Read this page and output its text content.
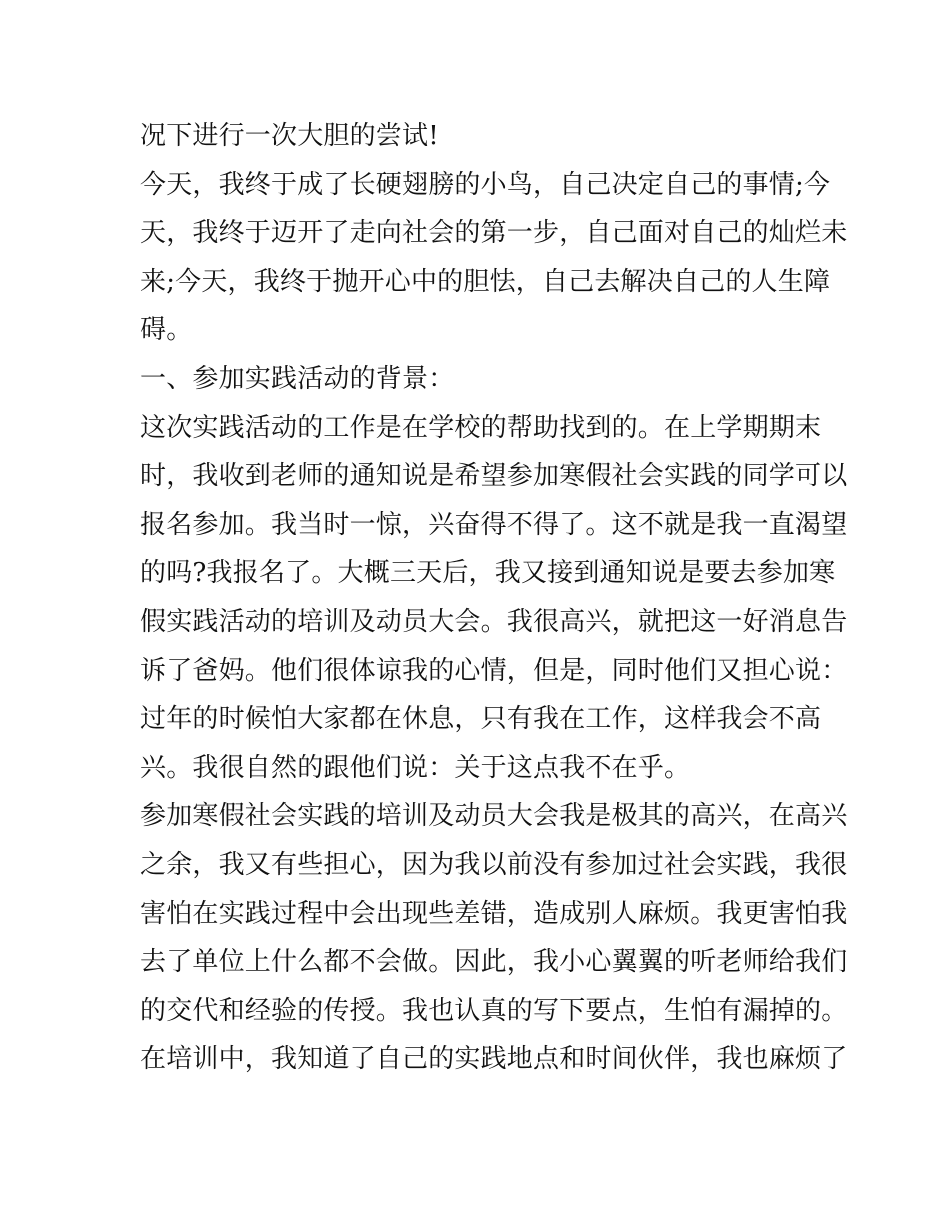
况下进行一次大胆的尝试!
今天，我终于成了长硬翅膀的小鸟，自己决定自己的事情;今
天，我终于迈开了走向社会的第一步，自己面对自己的灿烂未
来;今天，我终于抛开心中的胆怯，自己去解决自己的人生障
碍。
一、参加实践活动的背景：
这次实践活动的工作是在学校的帮助找到的。在上学期期末
时，我收到老师的通知说是希望参加寒假社会实践的同学可以
报名参加。我当时一惊，兴奋得不得了。这不就是我一直渴望
的吗?我报名了。大概三天后，我又接到通知说是要去参加寒
假实践活动的培训及动员大会。我很高兴，就把这一好消息告
诉了爸妈。他们很体谅我的心情，但是，同时他们又担心说：
过年的时候怕大家都在休息，只有我在工作，这样我会不高
兴。我很自然的跟他们说：关于这点我不在乎。
参加寒假社会实践的培训及动员大会我是极其的高兴，在高兴
之余，我又有些担心，因为我以前没有参加过社会实践，我很
害怕在实践过程中会出现些差错，造成别人麻烦。我更害怕我
去了单位上什么都不会做。因此，我小心翼翼的听老师给我们
的交代和经验的传授。我也认真的写下要点，生怕有漏掉的。
在培训中，我知道了自己的实践地点和时间伙伴，我也麻烦了
